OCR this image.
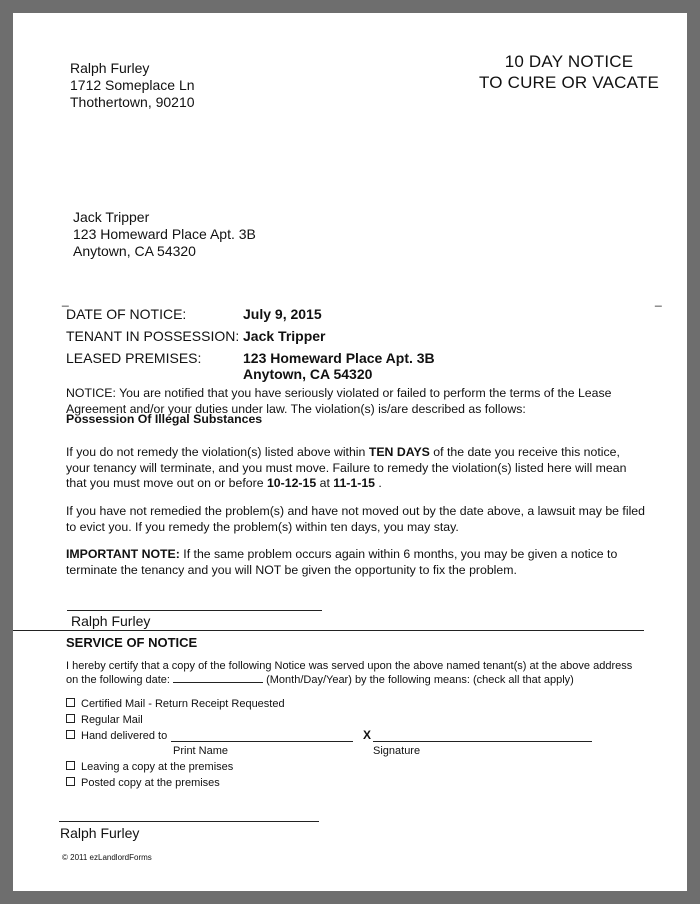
Ralph Furley
1712 Someplace Ln
Thothertown, 90210
10 DAY NOTICE
TO CURE OR VACATE
Jack Tripper
123 Homeward Place Apt. 3B
Anytown, CA 54320
_	_
DATE OF NOTICE:	July 9, 2015
TENANT IN POSSESSION: Jack Tripper
LEASED PREMISES:	123 Homeward Place Apt. 3B
Anytown, CA 54320
NOTICE: You are notified that you have seriously violated or failed to perform the terms of the Lease Agreement and/or your duties under law. The violation(s) is/are described as follows:
Possession Of Illegal Substances
If you do not remedy the violation(s) listed above within TEN DAYS of the date you receive this notice, your tenancy will terminate, and you must move. Failure to remedy the violation(s) listed here will mean that you must move out on or before 10-12-15 at 11-1-15 .
If you have not remedied the problem(s) and have not moved out by the date above, a lawsuit may be filed to evict you. If you remedy the problem(s) within ten days, you may stay.
IMPORTANT NOTE: If the same problem occurs again within 6 months, you may be given a notice to terminate the tenancy and you will NOT be given the opportunity to fix the problem.
Ralph Furley
SERVICE OF NOTICE
I hereby certify that a copy of the following Notice was served upon the above named tenant(s) at the above address on the following date:	(Month/Day/Year) by the following means: (check all that apply)
Certified Mail - Return Receipt Requested
Regular Mail
Hand delivered to	X
Print Name	Signature
Leaving a copy at the premises
Posted copy at the premises
Ralph Furley
© 2011 ezLandlordForms
